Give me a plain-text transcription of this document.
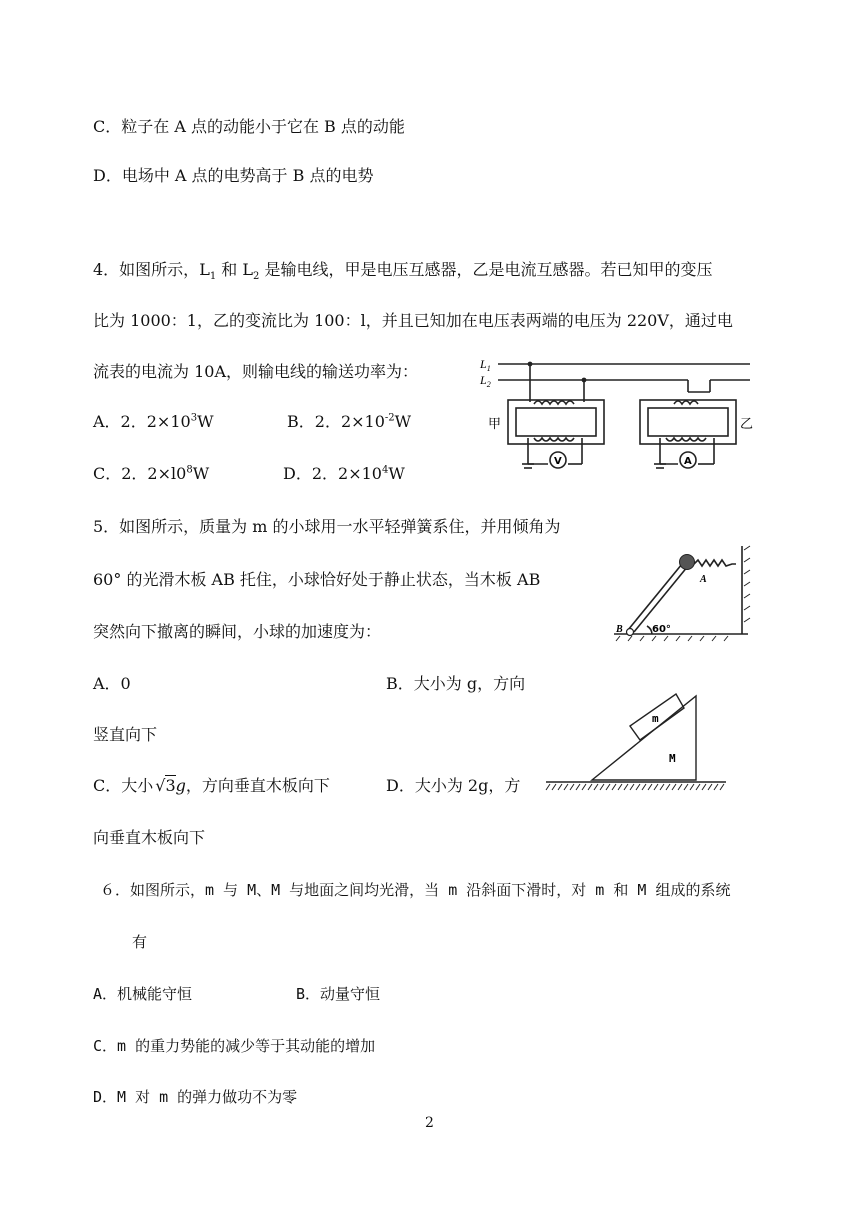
C．粒子在 A 点的动能小于它在 B 点的动能
D．电场中 A 点的电势高于 B 点的电势
4．如图所示，$L_1$ 和 $L_2$ 是输电线，甲是电压互感器，乙是电流互感器。若已知甲的变压
比为 1000：1，乙的变流比为 100：l，并且已知加在电压表两端的电压为 220V，通过电
流表的电流为 10A，则输电线的输送功率为：
A．2．$2\times 10^3W$	B．2．$2\times 10^{-2}W$
C．2．$2\times l0^8W$	D．2．$2\times 10^4W$
$L_1$
$L_2$
甲	乙
V	A
5．如图所示，质量为 m 的小球用一水平轻弹簧系住，并用倾角为
60° 的光滑木板 AB 托住，小球恰好处于静止状态，当木板 AB
突然向下撤离的瞬间，小球的加速度为：
A
B	60°
A．0	B．大小为 g，方向
竖直向下
C．大小 √3g，方向垂直木板向下	D．大小为 2g，方
向垂直木板向下
m
M
６．如图所示，m 与 M、M 与地面之间均光滑，当 m 沿斜面下滑时，对 m 和 M 组成的系统
有
A．机械能守恒	B．动量守恒
C．m 的重力势能的减少等于其动能的增加
D．M 对 m 的弹力做功不为零
2
